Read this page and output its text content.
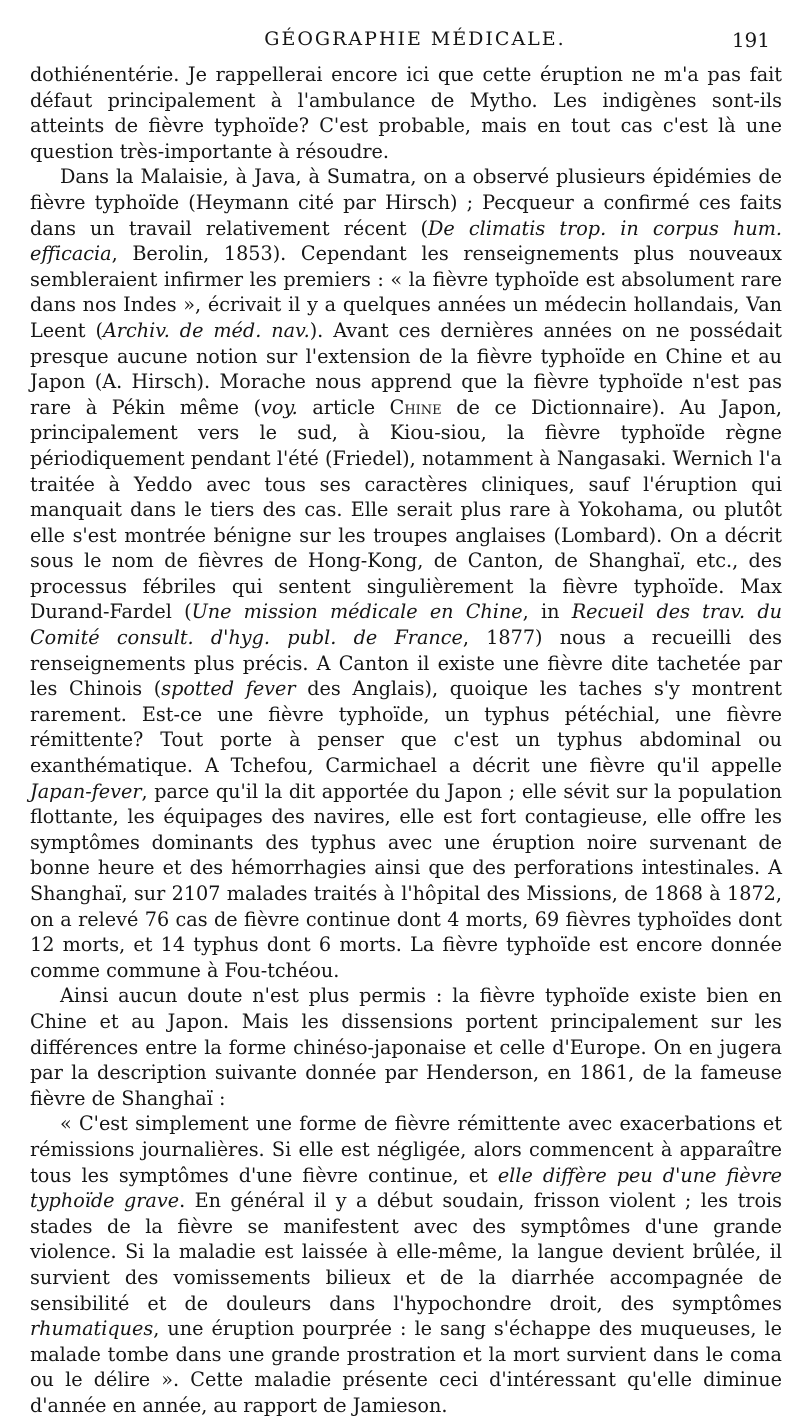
GÉOGRAPHIE MÉDICALE.	191

dothiénentérie. Je rappellerai encore ici que cette éruption ne m'a pas fait défaut principalement à l'ambulance de Mytho. Les indigènes sont-ils atteints de fièvre typhoïde? C'est probable, mais en tout cas c'est là une question très-importante à résoudre.

Dans la Malaisie, à Java, à Sumatra, on a observé plusieurs épidémies de fièvre typhoïde (Heymann cité par Hirsch) ; Pecqueur a confirmé ces faits dans un travail relativement récent (De climatis trop. in corpus hum. efficacia, Berolin, 1853). Cependant les renseignements plus nouveaux sembleraient infirmer les premiers : « la fièvre typhoïde est absolument rare dans nos Indes », écrivait il y a quelques années un médecin hollandais, Van Leent (Archiv. de méd. nav.). Avant ces dernières années on ne possédait presque aucune notion sur l'extension de la fièvre typhoïde en Chine et au Japon (A. Hirsch). Morache nous apprend que la fièvre typhoïde n'est pas rare à Pékin même (voy. article Chine de ce Dictionnaire). Au Japon, principalement vers le sud, à Kiou-siou, la fièvre typhoïde règne périodiquement pendant l'été (Friedel), notamment à Nangasaki. Wernich l'a traitée à Yeddo avec tous ses caractères cliniques, sauf l'éruption qui manquait dans le tiers des cas. Elle serait plus rare à Yokohama, ou plutôt elle s'est montrée bénigne sur les troupes anglaises (Lombard). On a décrit sous le nom de fièvres de Hong-Kong, de Canton, de Shanghaï, etc., des processus fébriles qui sentent singulièrement la fièvre typhoïde. Max Durand-Fardel (Une mission médicale en Chine, in Recueil des trav. du Comité consult. d'hyg. publ. de France, 1877) nous a recueilli des renseignements plus précis. A Canton il existe une fièvre dite tachetée par les Chinois (spotted fever des Anglais), quoique les taches s'y montrent rarement. Est-ce une fièvre typhoïde, un typhus pétéchial, une fièvre rémittente? Tout porte à penser que c'est un typhus abdominal ou exanthématique. A Tchefou, Carmichael a décrit une fièvre qu'il appelle Japan-fever, parce qu'il la dit apportée du Japon ; elle sévit sur la population flottante, les équipages des navires, elle est fort contagieuse, elle offre les symptômes dominants des typhus avec une éruption noire survenant de bonne heure et des hémorrhagies ainsi que des perforations intestinales. A Shanghaï, sur 2107 malades traités à l'hôpital des Missions, de 1868 à 1872, on a relevé 76 cas de fièvre continue dont 4 morts, 69 fièvres typhoïdes dont 12 morts, et 14 typhus dont 6 morts. La fièvre typhoïde est encore donnée comme commune à Fou-tchéou.

Ainsi aucun doute n'est plus permis : la fièvre typhoïde existe bien en Chine et au Japon. Mais les dissensions portent principalement sur les différences entre la forme chinéso-japonaise et celle d'Europe. On en jugera par la description suivante donnée par Henderson, en 1861, de la fameuse fièvre de Shanghaï :

« C'est simplement une forme de fièvre rémittente avec exacerbations et rémissions journalières. Si elle est négligée, alors commencent à apparaître tous les symptômes d'une fièvre continue, et elle diffère peu d'une fièvre typhoïde grave. En général il y a début soudain, frisson violent ; les trois stades de la fièvre se manifestent avec des symptômes d'une grande violence. Si la maladie est laissée à elle-même, la langue devient brûlée, il survient des vomissements bilieux et de la diarrhée accompagnée de sensibilité et de douleurs dans l'hypochondre droit, des symptômes rhumatiques, une éruption pourprée : le sang s'échappe des muqueuses, le malade tombe dans une grande prostration et la mort survient dans le coma ou le délire ». Cette maladie présente ceci d'intéressant qu'elle diminue d'année en année, au rapport de Jamieson.
